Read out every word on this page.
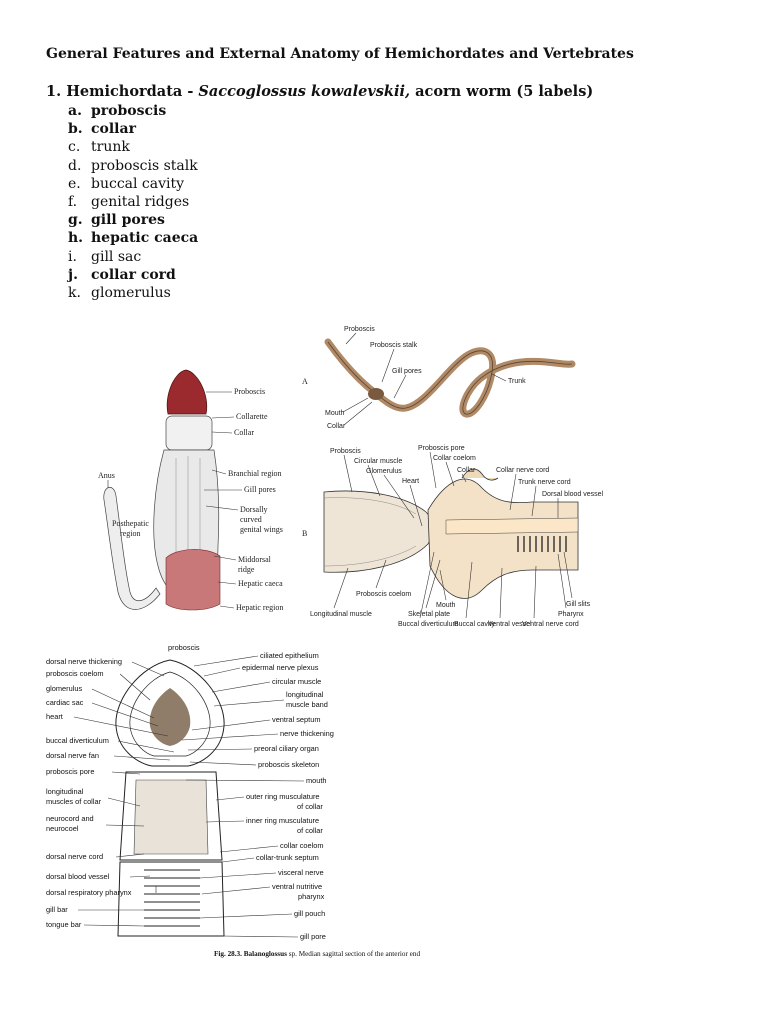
General Features and External Anatomy of Hemichordates and Vertebrates
1. Hemichordata - Saccoglossus kowalevskii, acorn worm (5 labels)
a. proboscis
b. collar
c. trunk
d. proboscis stalk
e. buccal cavity
f. genital ridges
g. gill pores
h. hepatic caeca
i. gill sac
j. collar cord
k. glomerulus
A
Proboscis
Proboscis stalk
Gill pores
Trunk
Mouth
Collar
B
Proboscis
Circular muscle
Glomerulus
Heart
Proboscis pore
Collar coelom
Collar	Collar nerve cord
Trunk nerve cord
Dorsal blood vessel
Longitudinal muscle
Proboscis coelom
Buccal diverticulum
Skeletal plate
Mouth
Buccal cavity
Ventral vessel
Ventral nerve cord
Gill slits
Pharynx
Proboscis
Collarette
Collar
Anus	Branchial region
Gill pores
Dorsally
curved
genital wings
Posthepatic
region
Middorsal
ridge
Hepatic caeca
Hepatic region
proboscis
dorsal nerve thickening
proboscis coelom
glomerulus
cardiac sac
heart
buccal diverticulum
dorsal nerve fan
proboscis pore
longitudinal
muscles of collar
neurocord and
neurocoel
dorsal nerve cord
dorsal blood vessel
dorsal respiratory pharynx
gill bar
tongue bar
ciliated epithelium
epidermal nerve plexus
circular muscle
longitudinal
muscle band
ventral septum
nerve thickening
preoral ciliary organ
proboscis skeleton
mouth
outer ring musculature
of collar
inner ring musculature
of collar
collar coelom
collar-trunk septum
visceral nerve
ventral nutritive
pharynx
gill pouch
gill pore
Fig. 28.3. Balanoglossus sp. Median sagittal section of the anterior end
